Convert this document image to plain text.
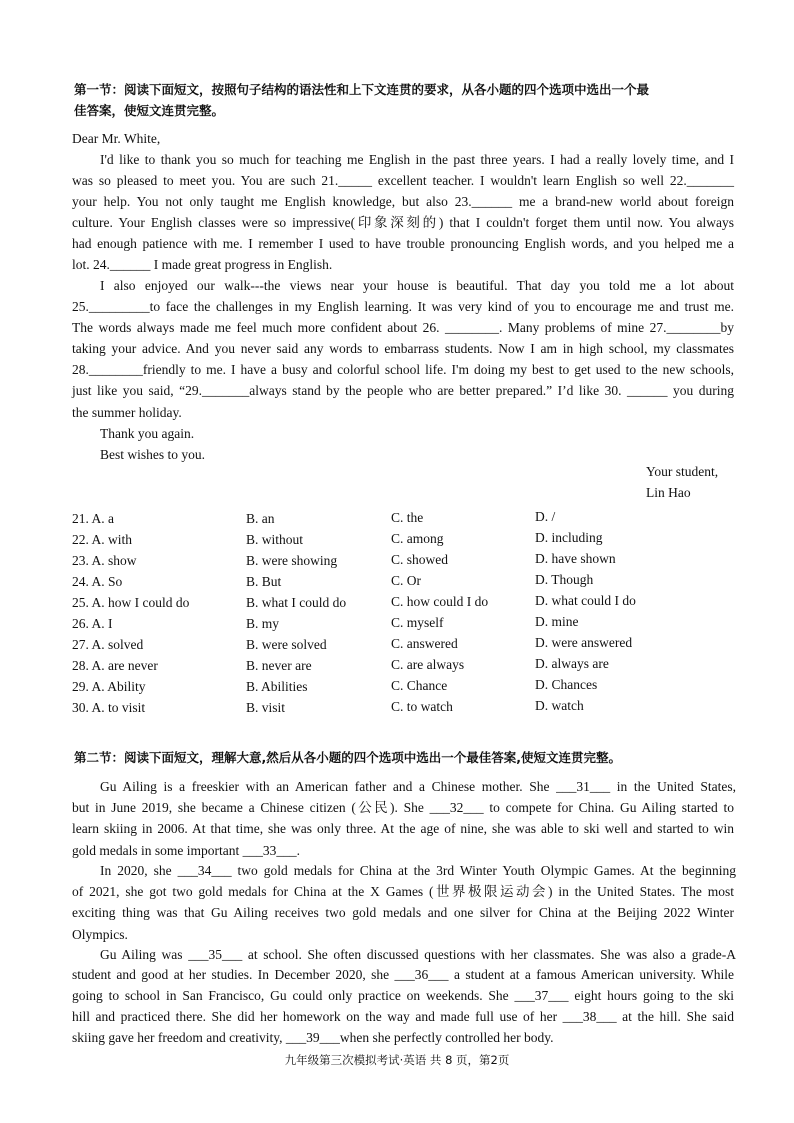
第一节：阅读下面短文，按照句子结构的语法性和上下文连贯的要求，从各小题的四个选项中选出一个最
佳答案，使短文连贯完整。
Dear Mr. White,
I'd like to thank you so much for teaching me English in the past three years. I had a really lovely time, and I
was so pleased to meet you. You are such 21._____ excellent teacher. I wouldn't learn English so well 22._______
your help. You not only taught me English knowledge, but also 23.______ me a brand-new world about foreign
culture. Your English classes were so impressive(印象深刻的) that I couldn't forget them until now. You always
had enough patience with me. I remember I used to have trouble pronouncing English words, and you helped me a
lot. 24.______ I made great progress in English.
I also enjoyed our walk---the views near your house is beautiful. That day you told me a lot about
25._________to face the challenges in my English learning. It was very kind of you to encourage me and trust me.
The words always made me feel much more confident about 26. ________. Many problems of mine 27.________by
taking your advice. And you never said any words to embarrass students. Now I am in high school, my classmates
28.________friendly to me. I have a busy and colorful school life. I'm doing my best to get used to the new schools,
just like you said, “29._______always stand by the people who are better prepared.” I’d like 30. ______ you during
the summer holiday.
Thank you again.
Best wishes to you.
Your student,
Lin Hao
21. A. a	B. an	C. the	D. /
22. A. with	B. without	C. among	D. including
23. A. show	B. were showing	C. showed	D. have shown
24. A. So	B. But	C. Or	D. Though
25. A. how I could do	B. what I could do	C. how could I do	D. what could I do
26. A. I	B. my	C. myself	D. mine
27. A. solved	B. were solved	C. answered	D. were answered
28. A. are never	B. never are	C. are always	D. always are
29. A. Ability	B. Abilities	C. Chance	D. Chances
30. A. to visit	B. visit	C. to watch	D. watch
第二节：阅读下面短文，理解大意,然后从各小题的四个选项中选出一个最佳答案,使短文连贯完整。
Gu Ailing is a freeskier with an American father and a Chinese mother. She ___31___ in the United States,
but in June 2019, she became a Chinese citizen (公民). She ___32___ to compete for China. Gu Ailing started to
learn skiing in 2006. At that time, she was only three. At the age of nine, she was able to ski well and started to win
gold medals in some important ___33___.
In 2020, she ___34___ two gold medals for China at the 3rd Winter Youth Olympic Games. At the beginning
of 2021, she got two gold medals for China at the X Games (世界极限运动会) in the United States. The most
exciting thing was that Gu Ailing receives two gold medals and one silver for China at the Beijing 2022 Winter
Olympics.
Gu Ailing was ___35___ at school. She often discussed questions with her classmates. She was also a grade-A
student and good at her studies. In December 2020, she ___36___ a student at a famous American university. While
going to school in San Francisco, Gu could only practice on weekends. She ___37___ eight hours going to the ski
hill and practiced there. She did her homework on the way and made full use of her ___38___ at the hill. She said
skiing gave her freedom and creativity, ___39___when she perfectly controlled her body.
九年级第三次模拟考试·英语 共 8 页，第2页
